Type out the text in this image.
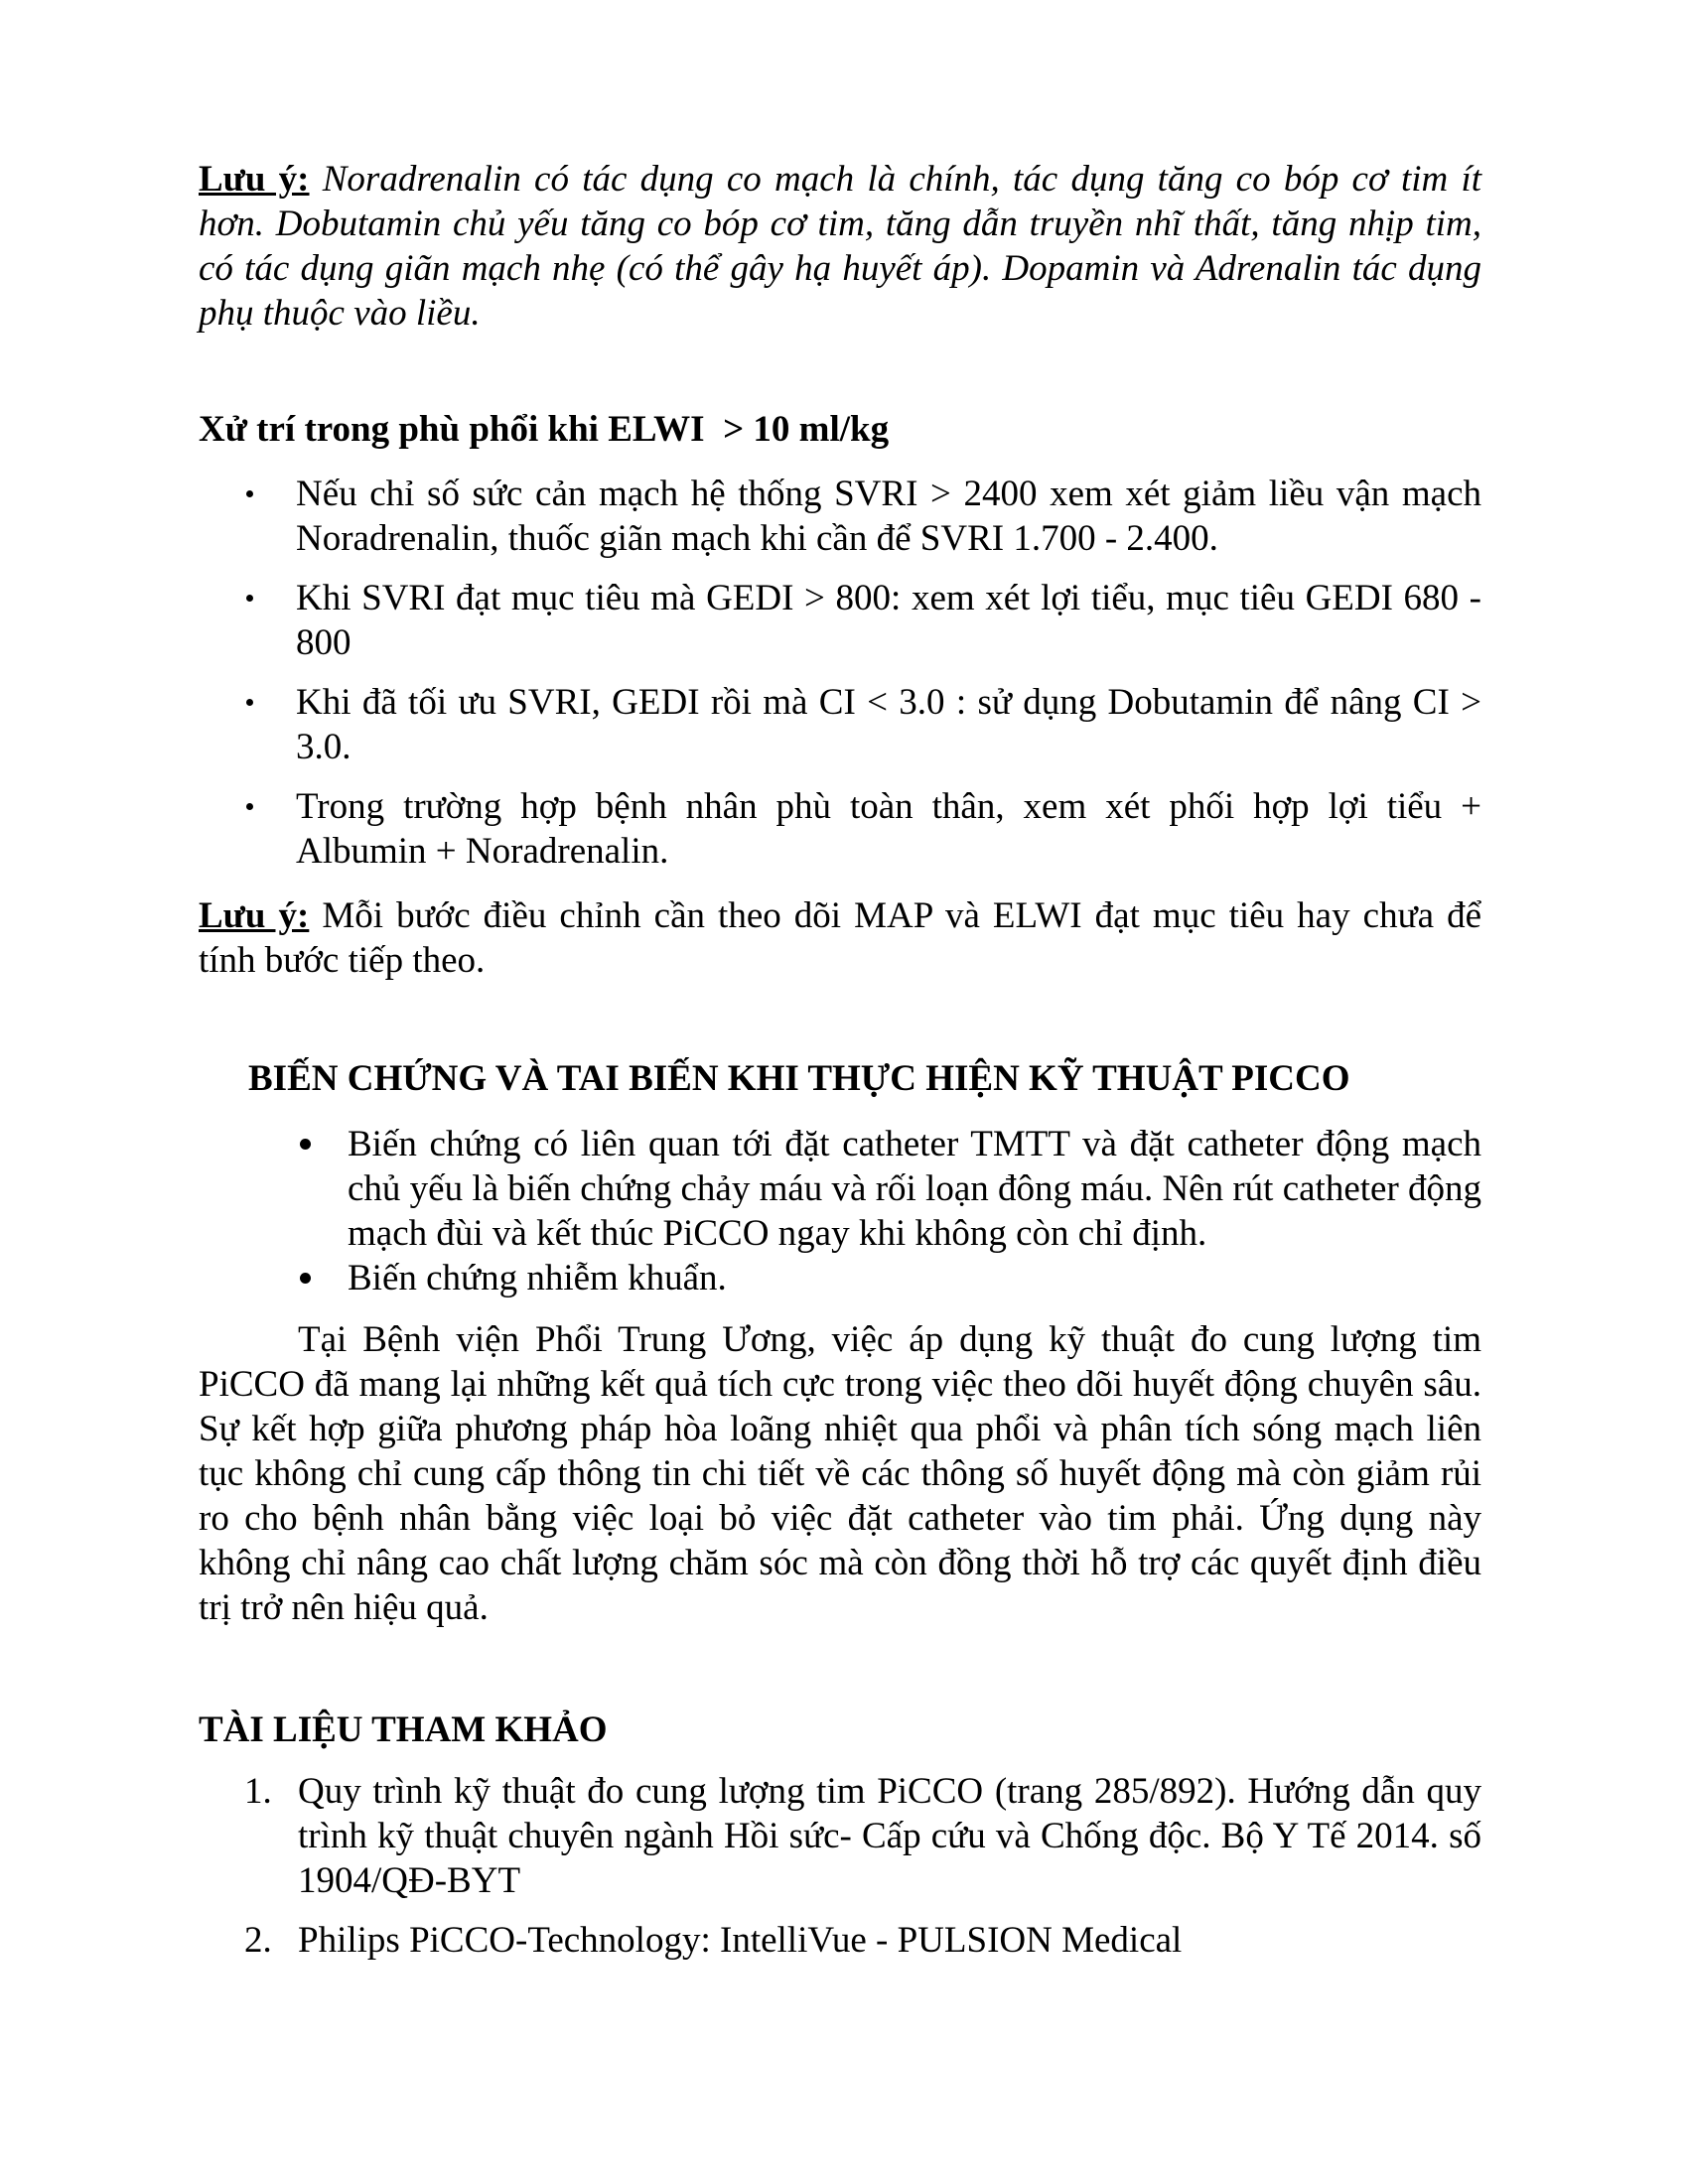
Lưu ý: Noradrenalin có tác dụng co mạch là chính, tác dụng tăng co bóp cơ tim ít hơn. Dobutamin chủ yếu tăng co bóp cơ tim, tăng dẫn truyền nhĩ thất, tăng nhịp tim, có tác dụng giãn mạch nhẹ (có thể gây hạ huyết áp). Dopamin và Adrenalin tác dụng phụ thuộc vào liều.

Xử trí trong phù phổi khi ELWI  > 10 ml/kg
Nếu chỉ số sức cản mạch hệ thống SVRI > 2400 xem xét giảm liều vận mạch Noradrenalin, thuốc giãn mạch khi cần để SVRI 1.700 - 2.400.
Khi SVRI đạt mục tiêu mà GEDI > 800: xem xét lợi tiểu, mục tiêu GEDI 680 - 800
Khi đã tối ưu SVRI, GEDI rồi mà CI < 3.0 : sử dụng Dobutamin để nâng CI > 3.0.
Trong trường hợp bệnh nhân phù toàn thân, xem xét phối hợp lợi tiểu + Albumin + Noradrenalin.

Lưu ý: Mỗi bước điều chỉnh cần theo dõi MAP và ELWI đạt mục tiêu hay chưa để tính bước tiếp theo.

BIẾN CHỨNG VÀ TAI BIẾN KHI THỰC HIỆN KỸ THUẬT PICCO
Biến chứng có liên quan tới đặt catheter TMTT và đặt catheter động mạch chủ yếu là biến chứng chảy máu và rối loạn đông máu. Nên rút catheter động mạch đùi và kết thúc PiCCO ngay khi không còn chỉ định.
Biến chứng nhiễm khuẩn.

Tại Bệnh viện Phổi Trung Ương, việc áp dụng kỹ thuật đo cung lượng tim PiCCO đã mang lại những kết quả tích cực trong việc theo dõi huyết động chuyên sâu. Sự kết hợp giữa phương pháp hòa loãng nhiệt qua phổi và phân tích sóng mạch liên tục không chỉ cung cấp thông tin chi tiết về các thông số huyết động mà còn giảm rủi ro cho bệnh nhân bằng việc loại bỏ việc đặt catheter vào tim phải. Ứng dụng này không chỉ nâng cao chất lượng chăm sóc mà còn đồng thời hỗ trợ các quyết định điều trị trở nên hiệu quả.

TÀI LIỆU THAM KHẢO
1. Quy trình kỹ thuật đo cung lượng tim PiCCO (trang 285/892). Hướng dẫn quy trình kỹ thuật chuyên ngành Hồi sức- Cấp cứu và Chống độc. Bộ Y Tế 2014. số 1904/QĐ-BYT
2. Philips PiCCO-Technology: IntelliVue - PULSION Medical
